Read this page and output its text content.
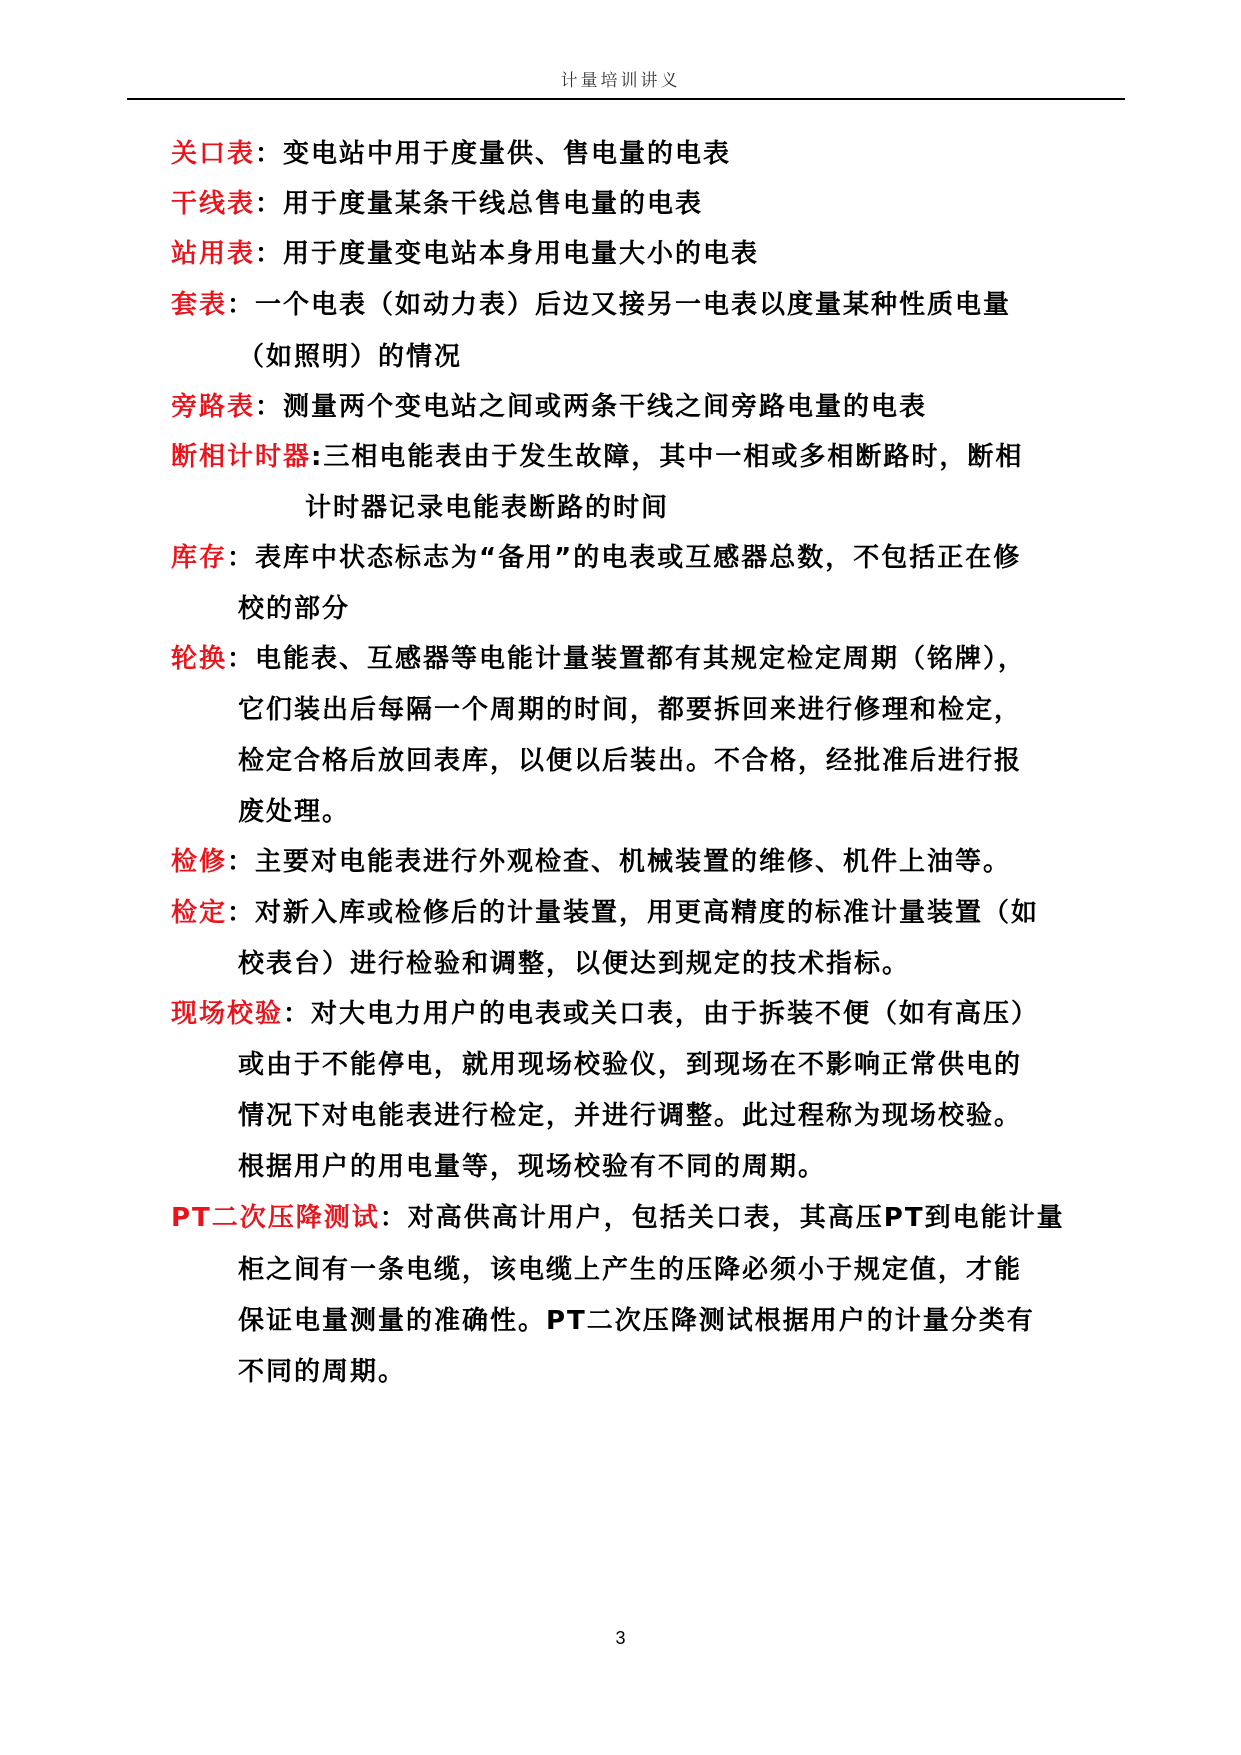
计量培训讲义
关口表：变电站中用于度量供、售电量的电表
干线表：用于度量某条干线总售电量的电表
站用表：用于度量变电站本身用电量大小的电表
套表：一个电表（如动力表）后边又接另一电表以度量某种性质电量
（如照明）的情况
旁路表：测量两个变电站之间或两条干线之间旁路电量的电表
断相计时器:三相电能表由于发生故障，其中一相或多相断路时，断相
计时器记录电能表断路的时间
库存：表库中状态标志为“备用”的电表或互感器总数，不包括正在修
校的部分
轮换：电能表、互感器等电能计量装置都有其规定检定周期（铭牌），
它们装出后每隔一个周期的时间，都要拆回来进行修理和检定，
检定合格后放回表库，以便以后装出。不合格，经批准后进行报
废处理。
检修：主要对电能表进行外观检查、机械装置的维修、机件上油等。
检定：对新入库或检修后的计量装置，用更高精度的标准计量装置（如
校表台）进行检验和调整，以便达到规定的技术指标。
现场校验：对大电力用户的电表或关口表，由于拆装不便（如有高压）
或由于不能停电，就用现场校验仪，到现场在不影响正常供电的
情况下对电能表进行检定，并进行调整。此过程称为现场校验。
根据用户的用电量等，现场校验有不同的周期。
PT二次压降测试：对高供高计用户，包括关口表，其高压PT到电能计量
柜之间有一条电缆，该电缆上产生的压降必须小于规定值，才能
保证电量测量的准确性。PT二次压降测试根据用户的计量分类有
不同的周期。
3
